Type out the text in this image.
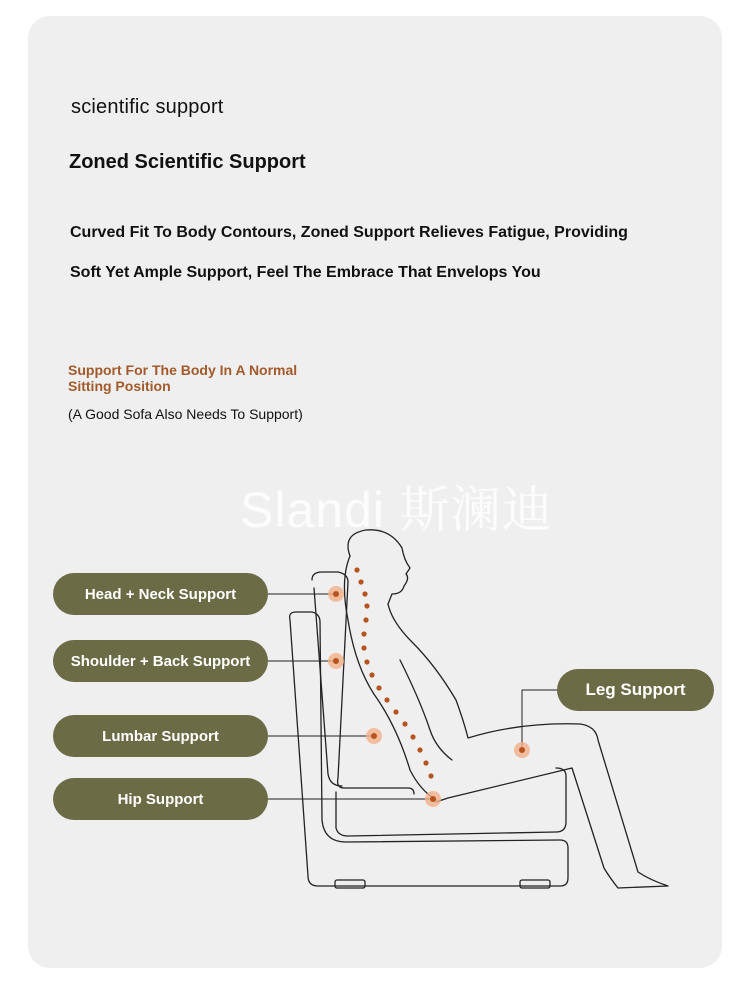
scientific support

Zoned Scientific Support

Curved Fit To Body Contours, Zoned Support Relieves Fatigue, Providing

Soft Yet Ample Support, Feel The Embrace That Envelops You

Support For The Body In A Normal Sitting Position

(A Good Sofa Also Needs To Support)

Slandi 斯澜迪

Head + Neck Support
Shoulder + Back Support
Lumbar Support
Hip Support
Leg Support
